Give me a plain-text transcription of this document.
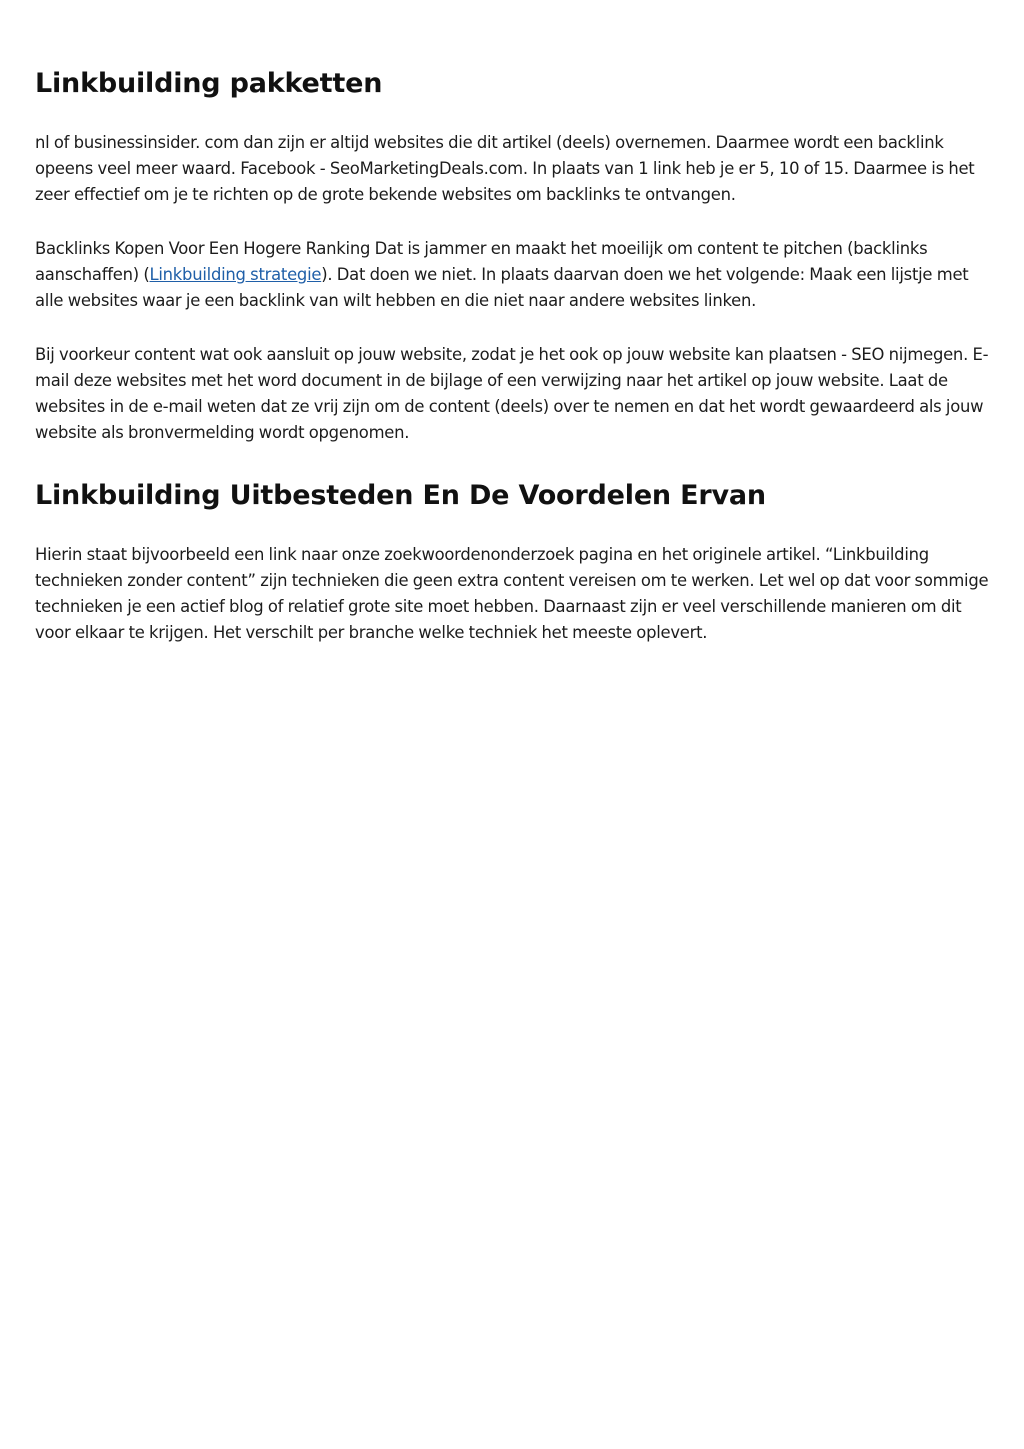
Linkbuilding pakketten

nl of businessinsider. com dan zijn er altijd websites die dit artikel (deels) overnemen. Daarmee wordt een backlink opeens veel meer waard. Facebook - SeoMarketingDeals.com. In plaats van 1 link heb je er 5, 10 of 15. Daarmee is het zeer effectief om je te richten op de grote bekende websites om backlinks te ontvangen.

Backlinks Kopen Voor Een Hogere Ranking Dat is jammer en maakt het moeilijk om content te pitchen (backlinks aanschaffen) (Linkbuilding strategie). Dat doen we niet. In plaats daarvan doen we het volgende: Maak een lijstje met alle websites waar je een backlink van wilt hebben en die niet naar andere websites linken.

Bij voorkeur content wat ook aansluit op jouw website, zodat je het ook op jouw website kan plaatsen - SEO nijmegen. E-mail deze websites met het word document in de bijlage of een verwijzing naar het artikel op jouw website. Laat de websites in de e-mail weten dat ze vrij zijn om de content (deels) over te nemen en dat het wordt gewaardeerd als jouw website als bronvermelding wordt opgenomen.

Linkbuilding Uitbesteden En De Voordelen Ervan

Hierin staat bijvoorbeeld een link naar onze zoekwoordenonderzoek pagina en het originele artikel. “Linkbuilding technieken zonder content” zijn technieken die geen extra content vereisen om te werken. Let wel op dat voor sommige technieken je een actief blog of relatief grote site moet hebben. Daarnaast zijn er veel verschillende manieren om dit voor elkaar te krijgen. Het verschilt per branche welke techniek het meeste oplevert.
